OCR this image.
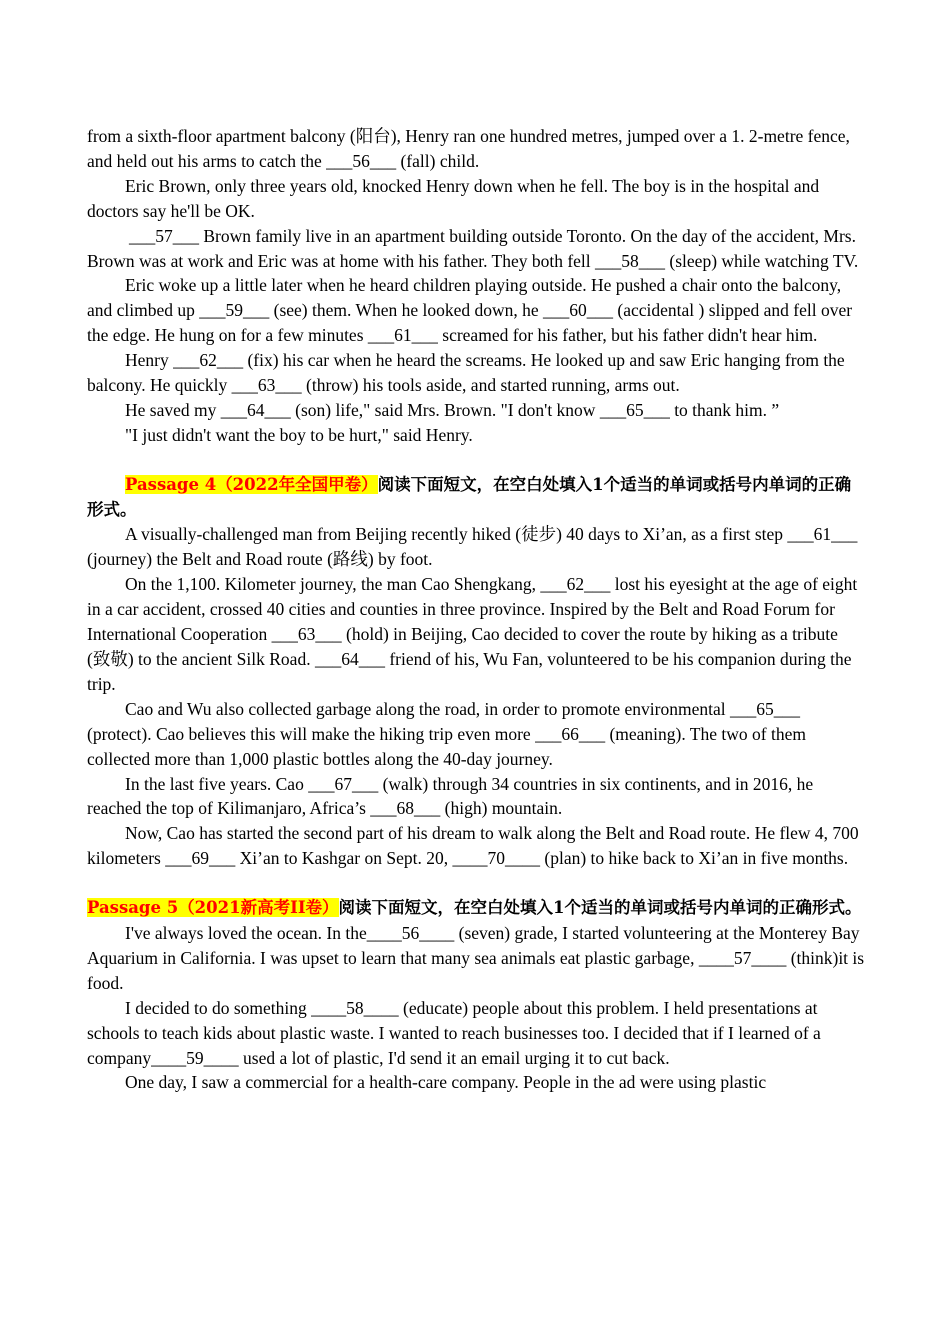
from a sixth-floor apartment balcony (阳台), Henry ran one hundred metres, jumped over a 1. 2-metre fence, and held out his arms to catch the ___56___ (fall) child.

Eric Brown, only three years old, knocked Henry down when he fell. The boy is in the hospital and doctors say he'll be OK.

___57___ Brown family live in an apartment building outside Toronto. On the day of the accident, Mrs. Brown was at work and Eric was at home with his father. They both fell ___58___ (sleep) while watching TV.

Eric woke up a little later when he heard children playing outside. He pushed a chair onto the balcony, and climbed up ___59___ (see) them. When he looked down, he ___60___ (accidental ) slipped and fell over the edge. He hung on for a few minutes ___61___ screamed for his father, but his father didn't hear him.

Henry ___62___ (fix) his car when he heard the screams. He looked up and saw Eric hanging from the balcony. He quickly ___63___ (throw) his tools aside, and started running, arms out.

He saved my ___64___ (son) life," said Mrs. Brown. "I don't know ___65___ to thank him. ”

"I just didn't want the boy to be hurt," said Henry.

Passage 4（2022年全国甲卷）阅读下面短文，在空白处填入1个适当的单词或括号内单词的正确形式。

A visually-challenged man from Beijing recently hiked (徒步) 40 days to Xi’an, as a first step ___61___ (journey) the Belt and Road route (路线) by foot.

On the 1,100. Kilometer journey, the man Cao Shengkang, ___62___ lost his eyesight at the age of eight in a car accident, crossed 40 cities and counties in three province. Inspired by the Belt and Road Forum for International Cooperation ___63___ (hold) in Beijing, Cao decided to cover the route by hiking as a tribute (致敬) to the ancient Silk Road. ___64___ friend of his, Wu Fan, volunteered to be his companion during the trip.

Cao and Wu also collected garbage along the road, in order to promote environmental ___65___ (protect). Cao believes this will make the hiking trip even more ___66___ (meaning). The two of them collected more than 1,000 plastic bottles along the 40-day journey.

In the last five years. Cao ___67___ (walk) through 34 countries in six continents, and in 2016, he reached the top of Kilimanjaro, Africa’s ___68___ (high) mountain.

Now, Cao has started the second part of his dream to walk along the Belt and Road route. He flew 4, 700 kilometers ___69___ Xi’an to Kashgar on Sept. 20, ____70____ (plan) to hike back to Xi’an in five months.

Passage 5（2021新高考II卷）阅读下面短文，在空白处填入1个适当的单词或括号内单词的正确形式。

I've always loved the ocean. In the____56____ (seven) grade, I started volunteering at the Monterey Bay Aquarium in California. I was upset to learn that many sea animals eat plastic garbage, ____57____ (think)it is food.

I decided to do something ____58____ (educate) people about this problem. I held presentations at schools to teach kids about plastic waste. I wanted to reach businesses too. I decided that if I learned of a company____59____ used a lot of plastic, I'd send it an email urging it to cut back.

One day, I saw a commercial for a health-care company. People in the ad were using plastic
